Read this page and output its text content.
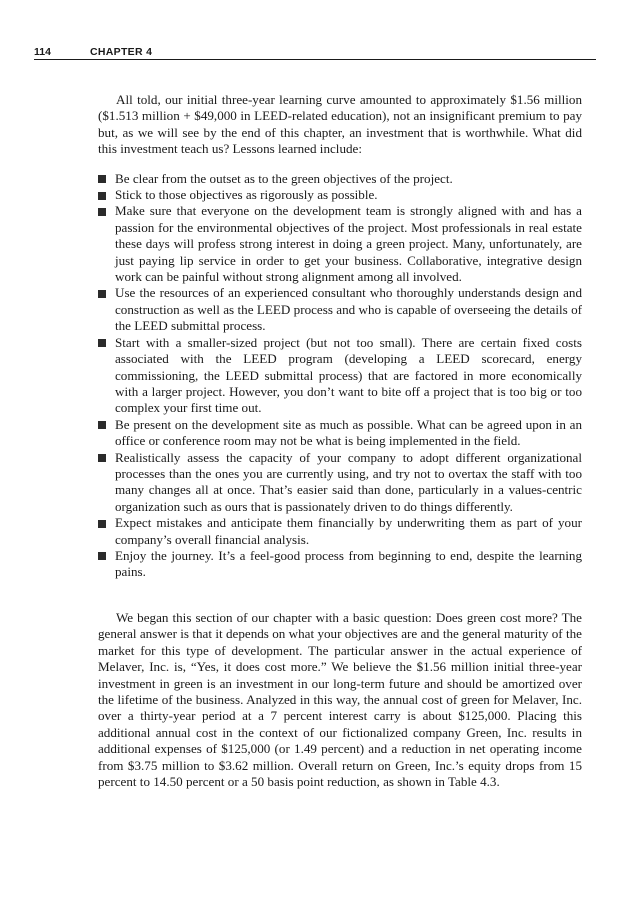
114	CHAPTER 4

All told, our initial three-year learning curve amounted to approximately $1.56 million ($1.513 million + $49,000 in LEED-related education), not an insignificant premium to pay but, as we will see by the end of this chapter, an investment that is worthwhile. What did this investment teach us? Lessons learned include:

Be clear from the outset as to the green objectives of the project.
Stick to those objectives as rigorously as possible.
Make sure that everyone on the development team is strongly aligned with and has a passion for the environmental objectives of the project. Most professionals in real estate these days will profess strong interest in doing a green project. Many, unfortunately, are just paying lip service in order to get your business. Collaborative, integrative design work can be painful without strong alignment among all involved.
Use the resources of an experienced consultant who thoroughly understands design and construction as well as the LEED process and who is capable of overseeing the details of the LEED submittal process.
Start with a smaller-sized project (but not too small). There are certain fixed costs associated with the LEED program (developing a LEED scorecard, energy commissioning, the LEED submittal process) that are factored in more economically with a larger project. However, you don’t want to bite off a project that is too big or too complex your first time out.
Be present on the development site as much as possible. What can be agreed upon in an office or conference room may not be what is being implemented in the field.
Realistically assess the capacity of your company to adopt different organizational processes than the ones you are currently using, and try not to overtax the staff with too many changes all at once. That’s easier said than done, particularly in a values-centric organization such as ours that is passionately driven to do things differently.
Expect mistakes and anticipate them financially by underwriting them as part of your company’s overall financial analysis.
Enjoy the journey. It’s a feel-good process from beginning to end, despite the learning pains.

We began this section of our chapter with a basic question: Does green cost more? The general answer is that it depends on what your objectives are and the general maturity of the market for this type of development. The particular answer in the actual experience of Melaver, Inc. is, “Yes, it does cost more.” We believe the $1.56 million initial three-year investment in green is an investment in our long-term future and should be amortized over the lifetime of the business. Analyzed in this way, the annual cost of green for Melaver, Inc. over a thirty-year period at a 7 percent interest carry is about $125,000. Placing this additional annual cost in the context of our fictionalized company Green, Inc. results in additional expenses of $125,000 (or 1.49 percent) and a reduction in net operating income from $3.75 million to $3.62 million. Overall return on Green, Inc.’s equity drops from 15 percent to 14.50 percent or a 50 basis point reduction, as shown in Table 4.3.
